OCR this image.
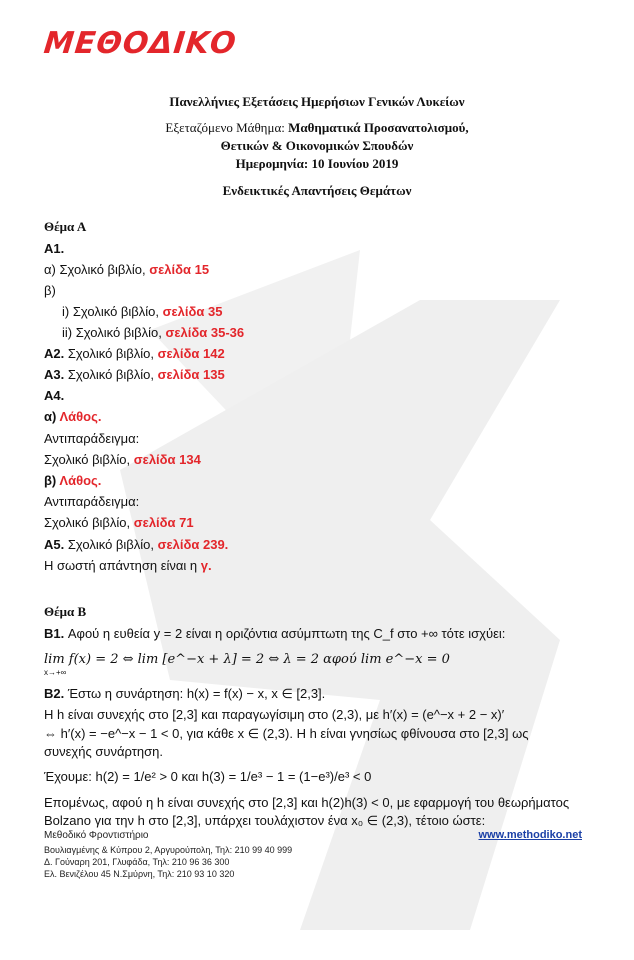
ΜΕΘΟΔΙΚΟ
Πανελλήνιες Εξετάσεις Ημερήσιων Γενικών Λυκείων
Εξεταζόμενο Μάθημα: Μαθηματικά Προσανατολισμού,
Θετικών & Οικονομικών Σπουδών
Ημερομηνία: 10 Ιουνίου 2019
Ενδεικτικές Απαντήσεις Θεμάτων
Θέμα Α
Α1.
α) Σχολικό βιβλίο, σελίδα 15
β)
i) Σχολικό βιβλίο, σελίδα 35
ii) Σχολικό βιβλίο, σελίδα 35-36
Α2. Σχολικό βιβλίο, σελίδα 142
Α3. Σχολικό βιβλίο, σελίδα 135
Α4.
α) Λάθος.
Αντιπαράδειγμα:
Σχολικό βιβλίο, σελίδα 134
β) Λάθος.
Αντιπαράδειγμα:
Σχολικό βιβλίο, σελίδα 71
Α5. Σχολικό βιβλίο, σελίδα 239.
Η σωστή απάντηση είναι η γ.
Θέμα Β
Β1. Αφού η ευθεία y = 2 είναι η οριζόντια ασύμπτωτη της C_f στο +∞ τότε ισχύει:
lim f(x) = 2 ⇔ lim [e^−x + λ] = 2 ⇔ λ = 2 αφού lim e^−x = 0
x→+∞
Β2. Έστω η συνάρτηση: h(x) = f(x) − x, x ∈ [2,3].
Η h είναι συνεχής στο [2,3] και παραγωγίσιμη στο (2,3), με h′(x) = (e^−x + 2 − x)′
⇔ h′(x) = −e^−x − 1 < 0, για κάθε x ∈ (2,3). Η h είναι γνησίως φθίνουσα στο [2,3] ως
συνεχής συνάρτηση.
Έχουμε: h(2) = 1/e² > 0 και h(3) = 1/e³ − 1 = (1−e³)/e³ < 0
Επομένως, αφού η h είναι συνεχής στο [2,3] και h(2)h(3) < 0, με εφαρμογή του θεωρήματος
Bolzano για την h στο [2,3], υπάρχει τουλάχιστον ένα x₀ ∈ (2,3), τέτοιο ώστε:
Μεθοδικό Φροντιστήριο
Βουλιαγμένης & Κύπρου 2, Αργυρούπολη, Τηλ: 210 99 40 999
Δ. Γούναρη 201, Γλυφάδα, Τηλ: 210 96 36 300
Ελ. Βενιζέλου 45 Ν.Σμύρνη, Τηλ: 210 93 10 320
www.methodiko.net
